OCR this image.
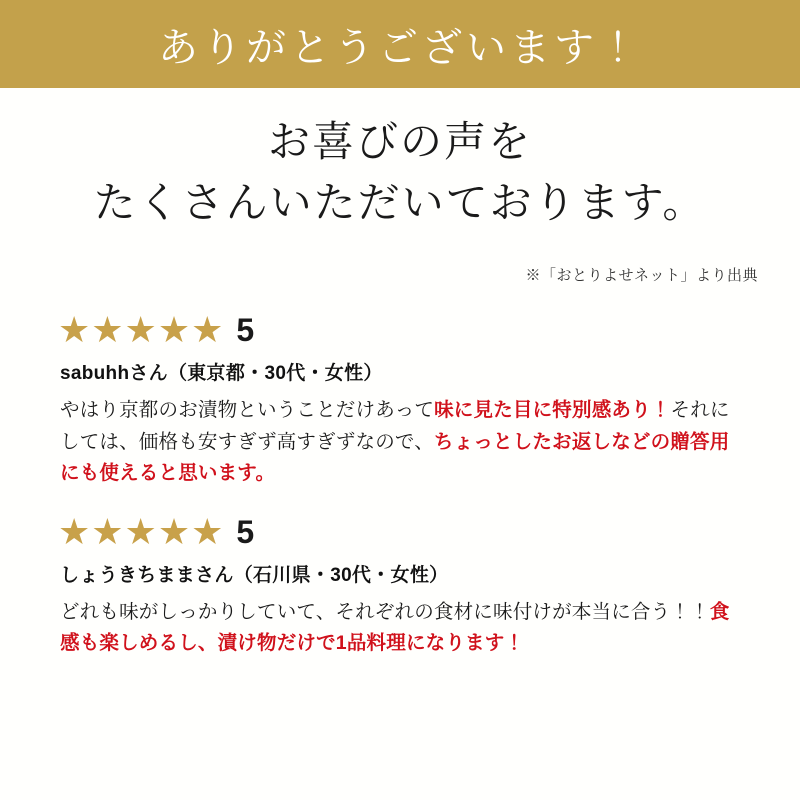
ありがとうございます！
お喜びの声を
たくさんいただいております。
※「おとりよせネット」より出典
★★★★★ 5
sabuhhさん（東京都・30代・女性）
やはり京都のお漬物ということだけあって味に見た目に特別感あり！それにしては、価格も安すぎず高すぎずなので、ちょっとしたお返しなどの贈答用にも使えると思います。
★★★★★ 5
しょうきちままさん（石川県・30代・女性）
どれも味がしっかりしていて、それぞれの食材に味付けが本当に合う！！食感も楽しめるし、漬け物だけで1品料理になります！
